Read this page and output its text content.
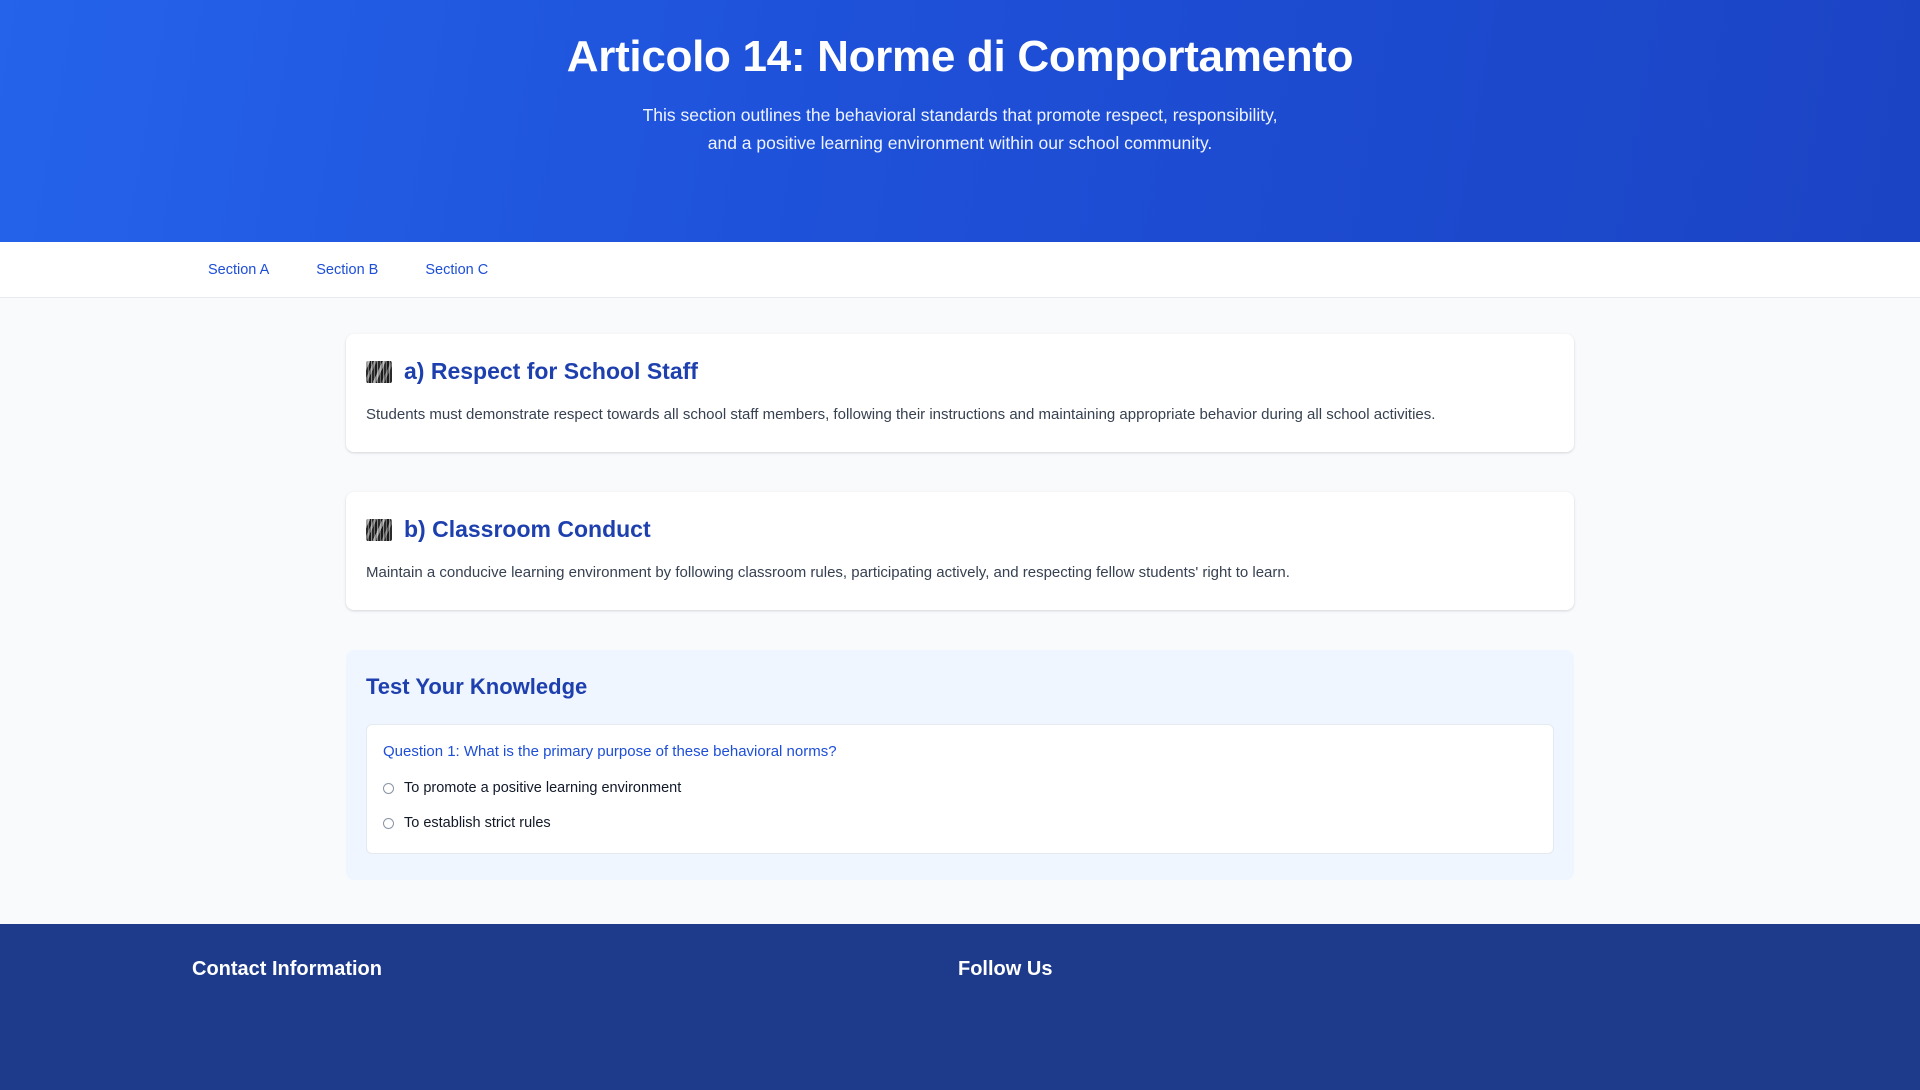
Articolo 14: Norme di Comportamento

This section outlines the behavioral standards that promote respect, responsibility, and a positive learning environment within our school community.

Section A	Section B	Section C
a) Respect for School Staff

Students must demonstrate respect towards all school staff members, following their instructions and maintaining appropriate behavior during all school activities.

b) Classroom Conduct

Maintain a conducive learning environment by following classroom rules, participating actively, and respecting fellow students' right to learn.

Test Your Knowledge

Question 1: What is the primary purpose of these behavioral norms?

To promote a positive learning environment
To establish strict rules
Contact Information	Follow Us
